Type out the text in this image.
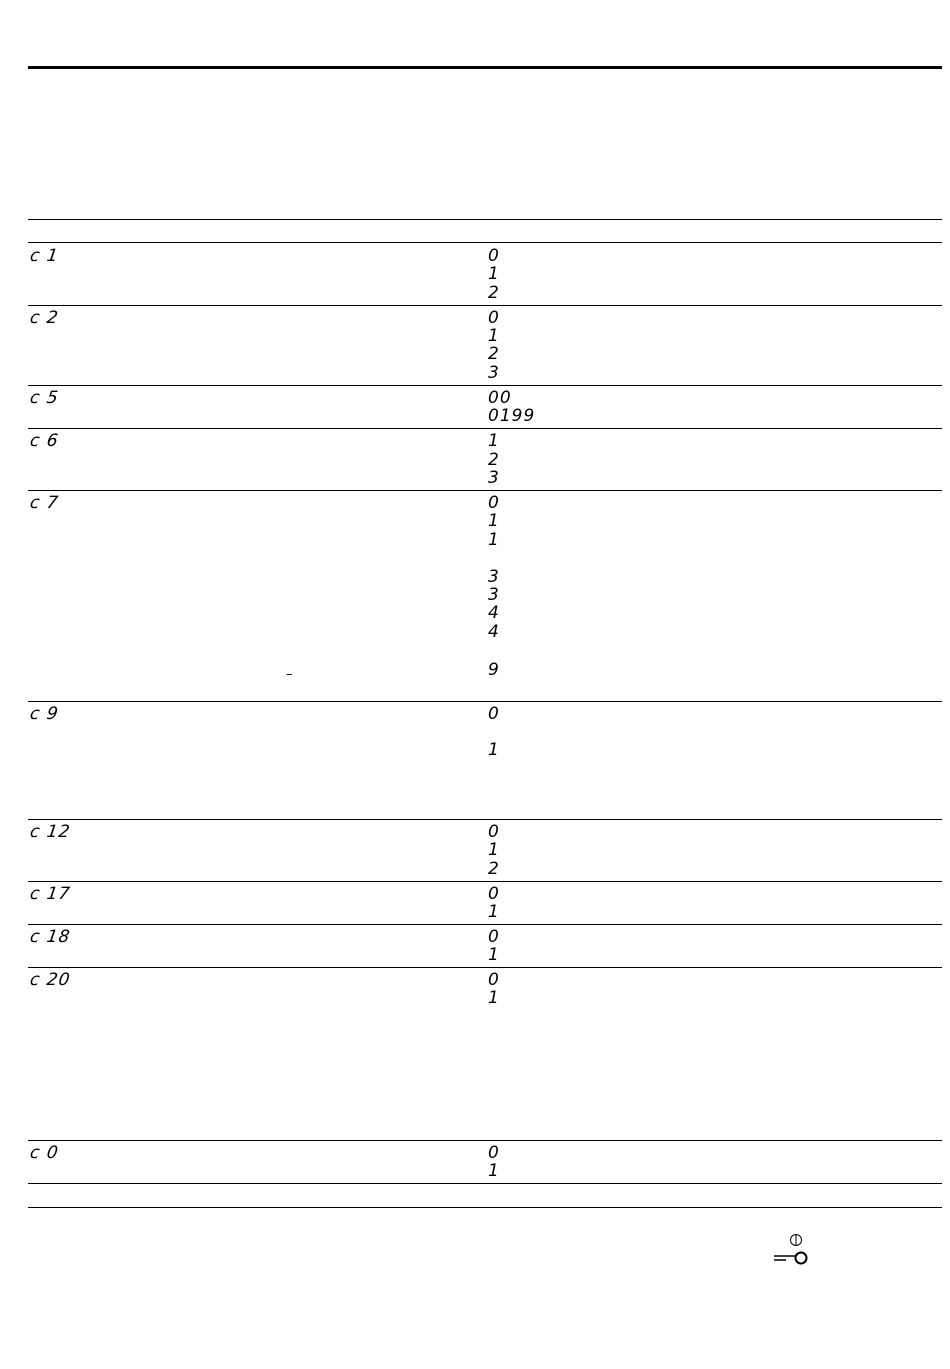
c 1	0
1
2
c 2	0
1
2
3
c 5	00
0199
c 6	1
2
3
c 7	0
1
1
3
3
4
4
9
–
c 9	0
1
c 12	0
1
2
c 17	0
1
c 18	0
1
c 20	0
1
c 0	0
1
